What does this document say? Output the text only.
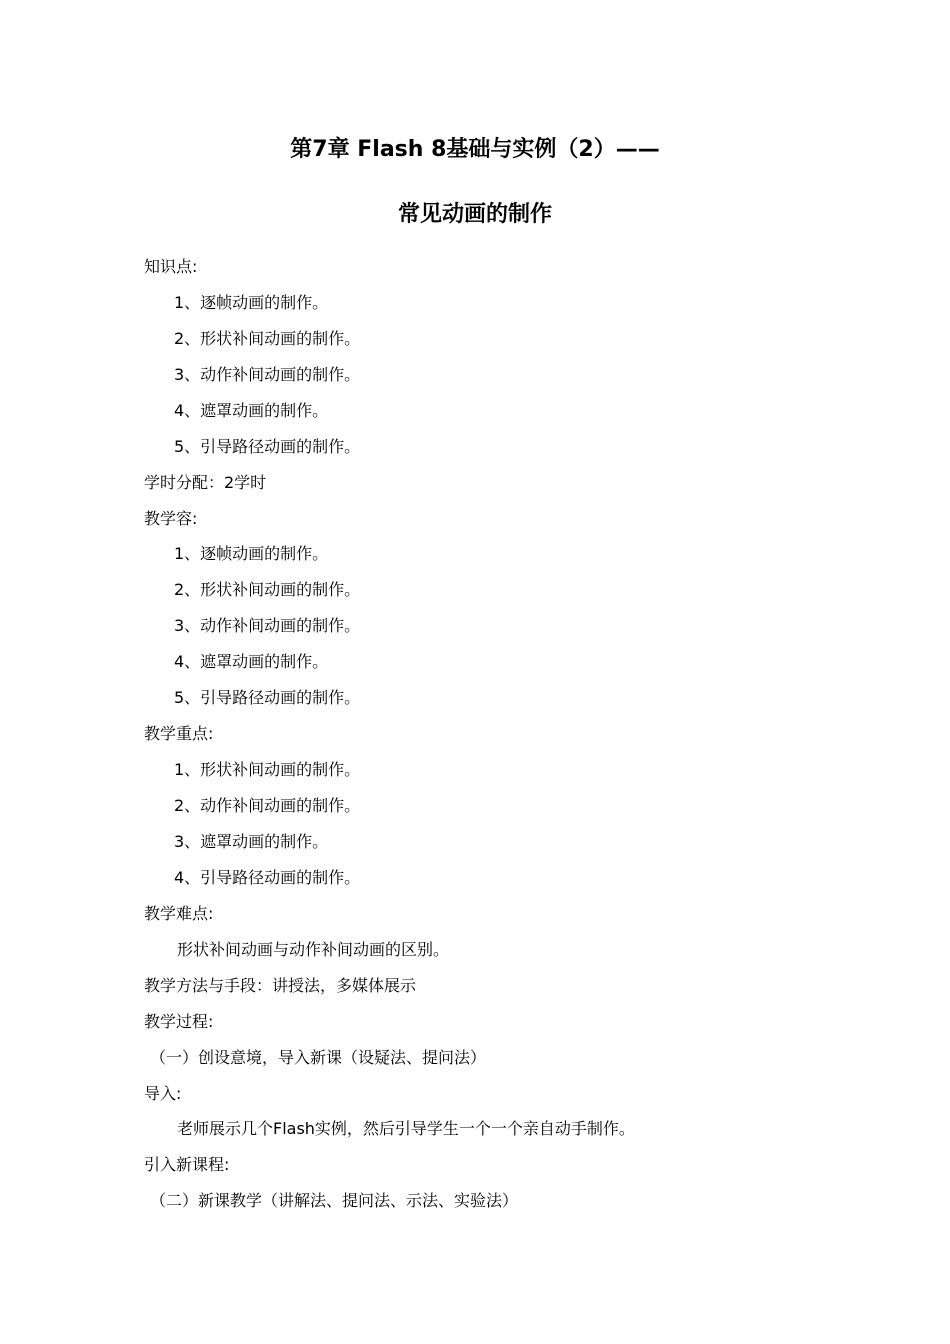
第7章 Flash 8基础与实例（2）——
常见动画的制作
知识点:
1、逐帧动画的制作。
2、形状补间动画的制作。
3、动作补间动画的制作。
4、遮罩动画的制作。
5、引导路径动画的制作。
学时分配：2学时
教学容:
1、逐帧动画的制作。
2、形状补间动画的制作。
3、动作补间动画的制作。
4、遮罩动画的制作。
5、引导路径动画的制作。
教学重点:
1、形状补间动画的制作。
2、动作补间动画的制作。
3、遮罩动画的制作。
4、引导路径动画的制作。
教学难点:
形状补间动画与动作补间动画的区别。
教学方法与手段：讲授法，多媒体展示
教学过程:
（一）创设意境，导入新课（设疑法、提问法）
导入:
老师展示几个Flash实例，然后引导学生一个一个亲自动手制作。
引入新课程:
（二）新课教学（讲解法、提问法、示法、实验法）
